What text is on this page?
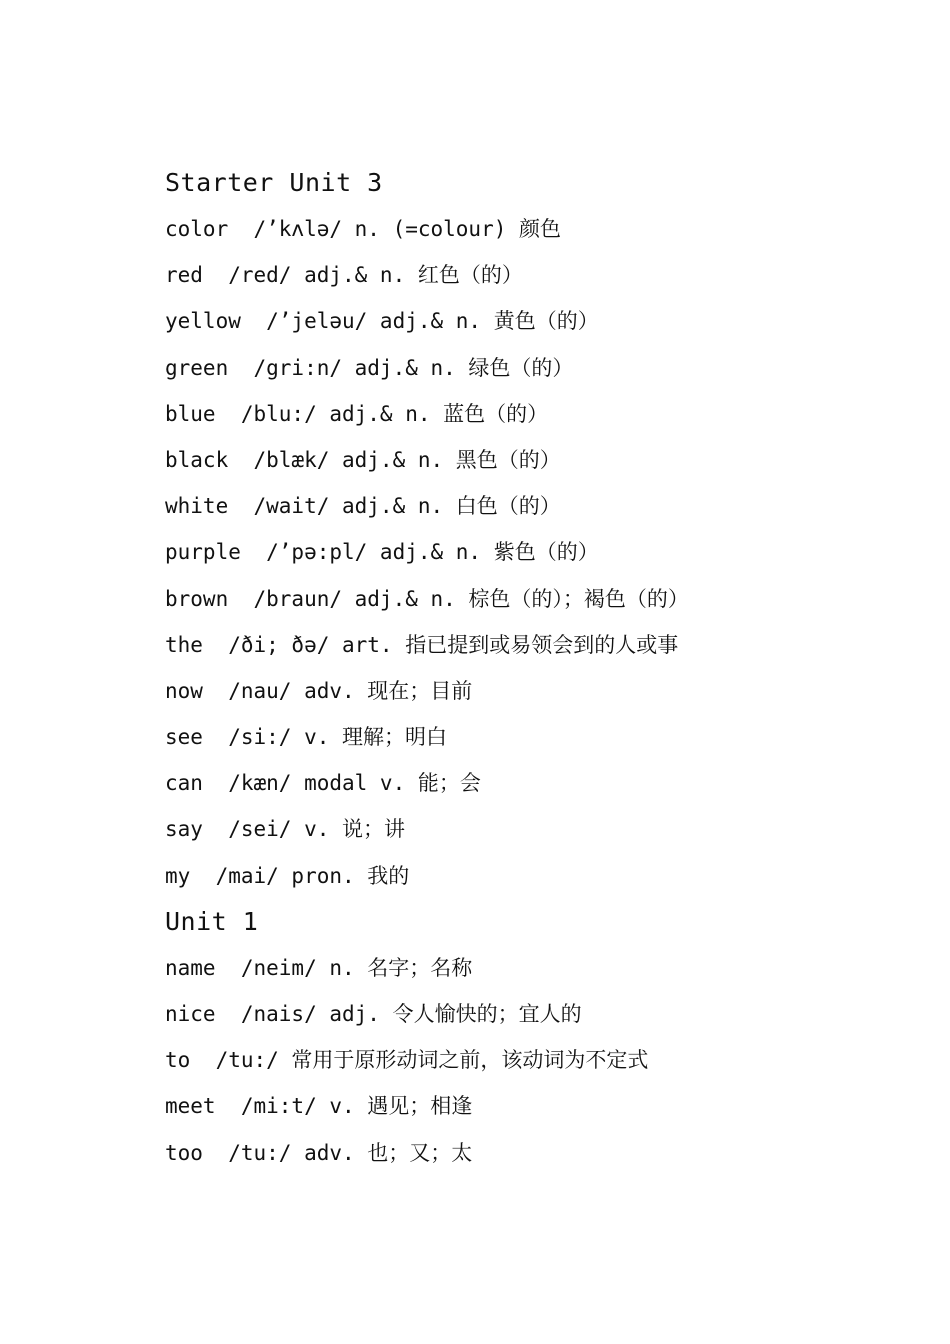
Starter Unit 3
color  /’kʌlə/ n. (=colour) 颜色
red  /red/ adj.& n. 红色（的）
yellow  /’jeləu/ adj.& n. 黄色（的）
green  /gri:n/ adj.& n. 绿色（的）
blue  /blu:/ adj.& n. 蓝色（的）
black  /blæk/ adj.& n. 黑色（的）
white  /wait/ adj.& n. 白色（的）
purple  /’pə:pl/ adj.& n. 紫色（的）
brown  /braun/ adj.& n. 棕色（的）；褐色（的）
the  /ði; ðə/ art. 指已提到或易领会到的人或事
now  /nau/ adv. 现在；目前
see  /si:/ v. 理解；明白
can  /kæn/ modal v. 能；会
say  /sei/ v. 说；讲
my  /mai/ pron. 我的
Unit 1
name  /neim/ n. 名字；名称
nice  /nais/ adj. 令人愉快的；宜人的
to  /tu:/ 常用于原形动词之前，该动词为不定式
meet  /mi:t/ v. 遇见；相逢
too  /tu:/ adv. 也；又；太
